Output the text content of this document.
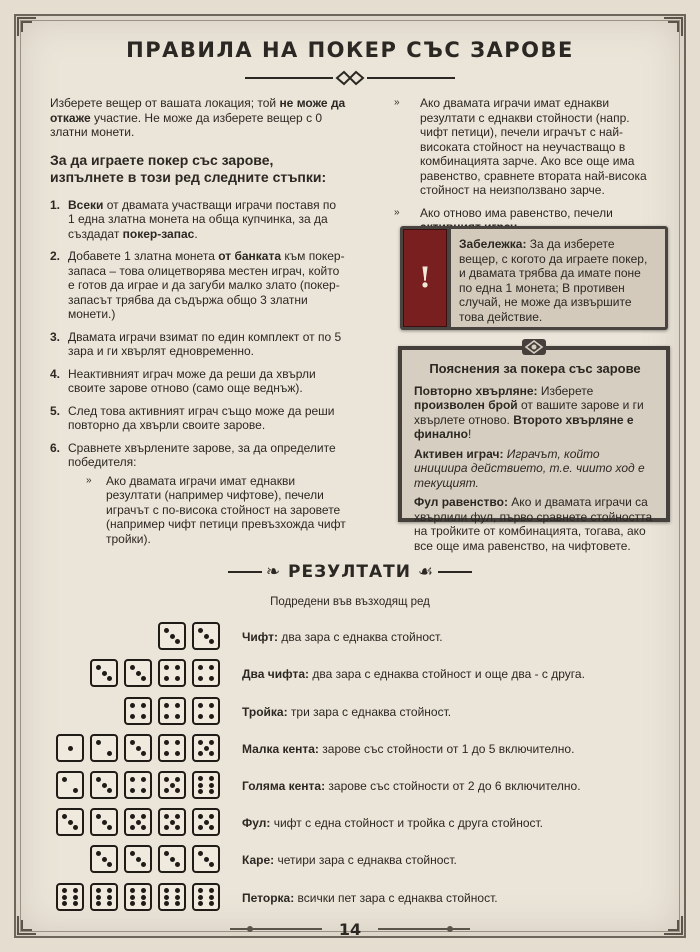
ПРАВИЛА НА ПОКЕР СЪС ЗАРОВЕ

Изберете вещер от вашата локация; той не може да откаже участие. Не може да изберете вещер с 0 златни монети.

За да играете покер със зарове, изпълнете в този ред следните стъпки:
1. Всеки от двамата участващи играчи поставя по 1 една златна монета на обща купчинка, за да създадат покер-запас.
2. Добавете 1 златна монета от банката към покер-запаса – това олицетворява местен играч, който е готов да играе и да загуби малко злато (покер-запасът трябва да съдържа общо 3 златни монети.)
3. Двамата играчи взимат по един комплект от по 5 зара и ги хвърлят едновременно.
4. Неактивният играч може да реши да хвърли своите зарове отново (само още веднъж).
5. След това активният играч също може да реши повторно да хвърли своите зарове.
6. Сравнете хвърлените зарове, за да определите победителя:
» Ако двамата играчи имат еднакви резултати (например чифтове), печели играчът с по-висока стойност на заровете (например чифт петици превъзхожда чифт тройки).
» Ако двамата играчи имат еднакви резултати с еднакви стойности (напр. чифт петици), печели играчът с най-високата стойност на неучастващо в комбинацията зарче. Ако все още има равенство, сравнете втората най-висока стойност на неизползвано зарче.
» Ако отново има равенство, печели
!
Забележка: За да изберете вещер, с когото да играете покер, и двамата трябва да имате поне по една 1 монета; В противен случай, не може да извършите това действие.
Пояснения за покера със зарове
Повторно хвърляне: Изберете произволен брой от вашите зарове и ги хвърлете отново. Второто хвърляне е финално!
Активен играч: Играчът, който инициира действието, т.е. чиито ход е текущият.
Фул равенство: Ако и двамата играчи са хвърлили фул, първо сравнете стойността на тройките от комбинацията, тогава, ако все още има равенство, на чифтовете.
❧ РЕЗУЛТАТИ ☙
Подредени във възходящ ред
Чифт: два зара с еднаква стойност.
Два чифта: два зара с еднаква стойност и още два - с друга.
Тройка: три зара с еднаква стойност.
Малка кента: зарове със стойности от 1 до 5 включително.
Голяма кента: зарове със стойности от 2 до 6 включително.
Фул: чифт с една стойност и тройка с друга стойност.
Каре: четири зара с еднаква стойност.
Петорка: всички пет зара с еднаква стойност.
14
